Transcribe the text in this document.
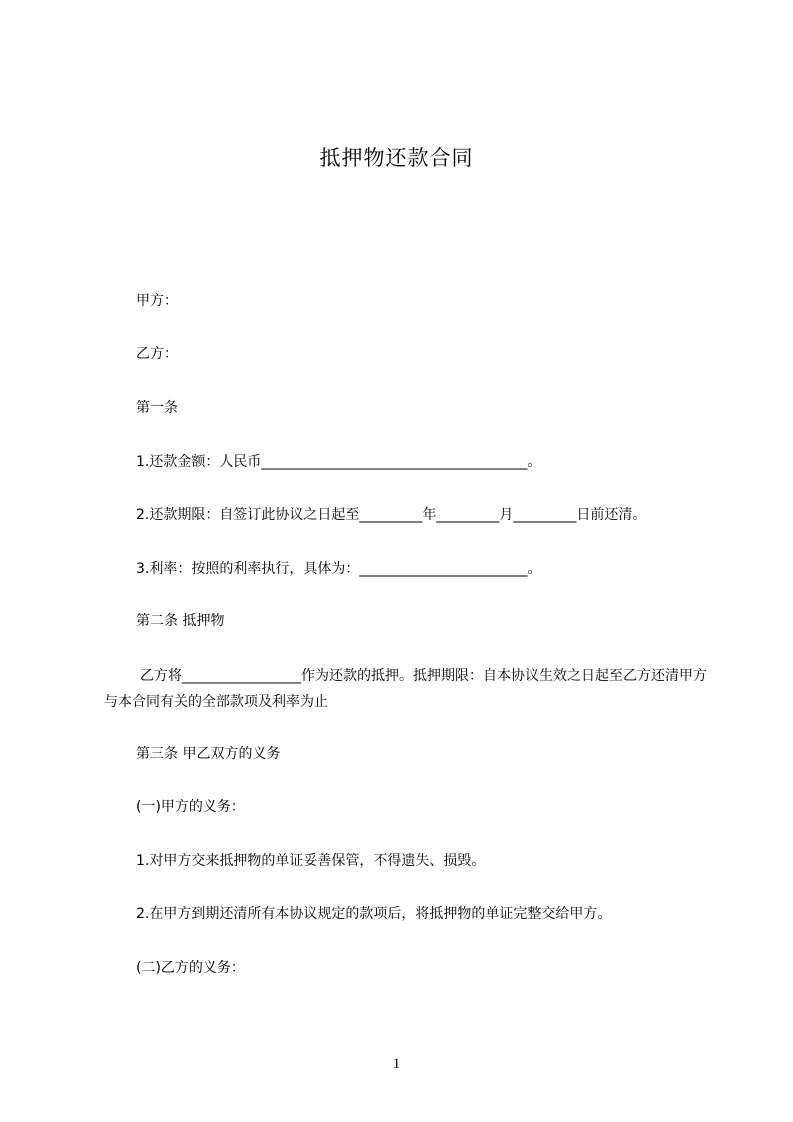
抵押物还款合同
甲方：
乙方：
第一条
1.还款金额：人民币______________________________________。
2.还款期限：自签订此协议之日起至_________年_________月_________日前还清。
3.利率：按照的利率执行，具体为：________________________。
第二条 抵押物
乙方将_________________作为还款的抵押。抵押期限：自本协议生效之日起至乙方还清甲方与本合同有关的全部款项及利率为止
第三条 甲乙双方的义务
(一)甲方的义务：
1.对甲方交来抵押物的单证妥善保管，不得遗失、损毁。
2.在甲方到期还清所有本协议规定的款项后，将抵押物的单证完整交给甲方。
(二)乙方的义务：
1
